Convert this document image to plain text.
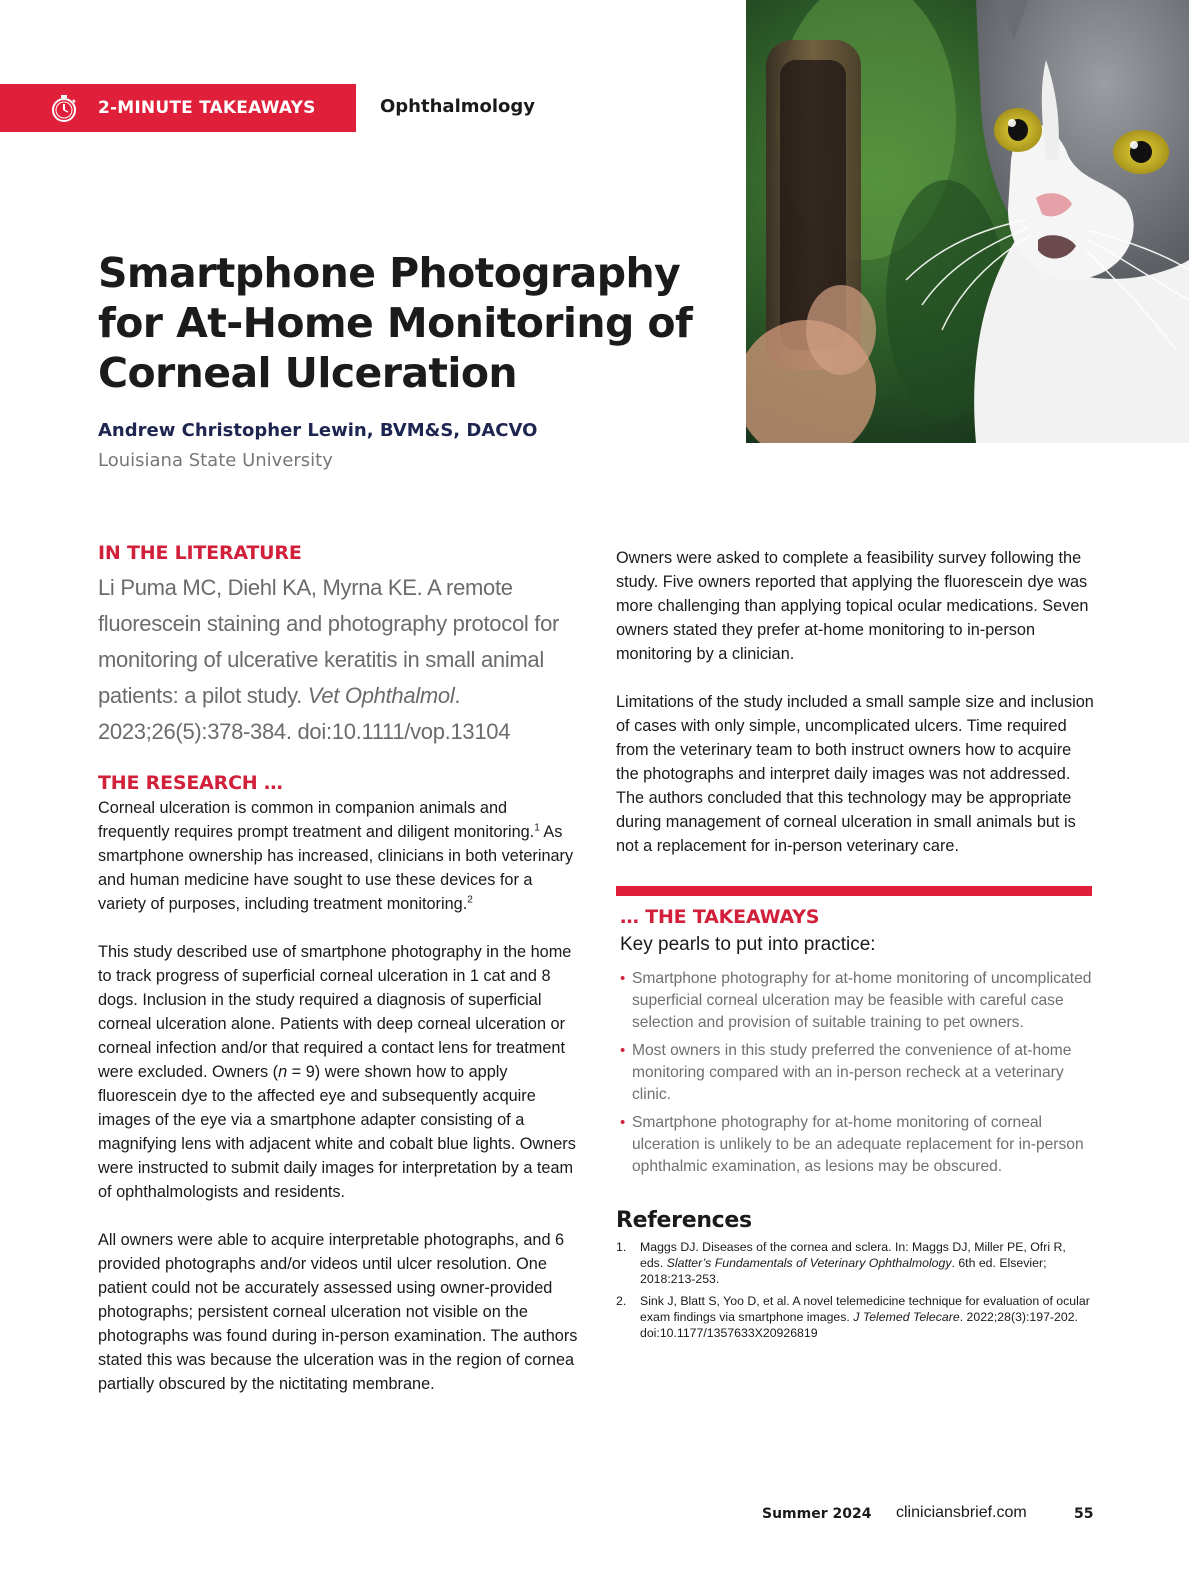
2-MINUTE TAKEAWAYS	Ophthalmology
Smartphone Photography for At-Home Monitoring of Corneal Ulceration
Andrew Christopher Lewin, BVM&S, DACVO
Louisiana State University
IN THE LITERATURE
Li Puma MC, Diehl KA, Myrna KE. A remote fluorescein staining and photography protocol for monitoring of ulcerative keratitis in small animal patients: a pilot study. Vet Ophthalmol. 2023;26(5):378-384. doi:10.1111/vop.13104
THE RESEARCH …

Corneal ulceration is common in companion animals and frequently requires prompt treatment and diligent monitoring.$^1$ As smartphone ownership has increased, clinicians in both veterinary and human medicine have sought to use these devices for a variety of purposes, including treatment monitoring.$^2$

This study described use of smartphone photography in the home to track progress of superficial corneal ulceration in 1 cat and 8 dogs. Inclusion in the study required a diagnosis of superficial corneal ulceration alone. Patients with deep corneal ulceration or corneal infection and/or that required a contact lens for treatment were excluded. Owners (n = 9) were shown how to apply fluorescein dye to the affected eye and subsequently acquire images of the eye via a smartphone adapter consisting of a magnifying lens with adjacent white and cobalt blue lights. Owners were instructed to submit daily images for interpretation by a team of ophthalmologists and residents.

All owners were able to acquire interpretable photographs, and 6 provided photographs and/or videos until ulcer resolution. One patient could not be accurately assessed using owner-provided photographs; persistent corneal ulceration not visible on the photographs was found during in-person examination. The authors stated this was because the ulceration was in the region of cornea partially obscured by the nictitating membrane.

Owners were asked to complete a feasibility survey following the study. Five owners reported that applying the fluorescein dye was more challenging than applying topical ocular medications. Seven owners stated they prefer at-home monitoring to in-person monitoring by a clinician.

Limitations of the study included a small sample size and inclusion of cases with only simple, uncomplicated ulcers. Time required from the veterinary team to both instruct owners how to acquire the photographs and interpret daily images was not addressed. The authors concluded that this technology may be appropriate during management of corneal ulceration in small animals but is not a replacement for in-person veterinary care.

… THE TAKEAWAYS
Key pearls to put into practice:
• Smartphone photography for at-home monitoring of uncomplicated superficial corneal ulceration may be feasible with careful case selection and provision of suitable training to pet owners.
• Most owners in this study preferred the convenience of at-home monitoring compared with an in-person recheck at a veterinary clinic.
• Smartphone photography for at-home monitoring of corneal ulceration is unlikely to be an adequate replacement for in-person ophthalmic examination, as lesions may be obscured.
References
1. Maggs DJ. Diseases of the cornea and sclera. In: Maggs DJ, Miller PE, Ofri R, eds. Slatter’s Fundamentals of Veterinary Ophthalmology. 6th ed. Elsevier; 2018:213-253.
2. Sink J, Blatt S, Yoo D, et al. A novel telemedicine technique for evaluation of ocular exam findings via smartphone images. J Telemed Telecare. 2022;28(3):197-202. doi:10.1177/1357633X20926819
Summer 2024 cliniciansbrief.com	55
